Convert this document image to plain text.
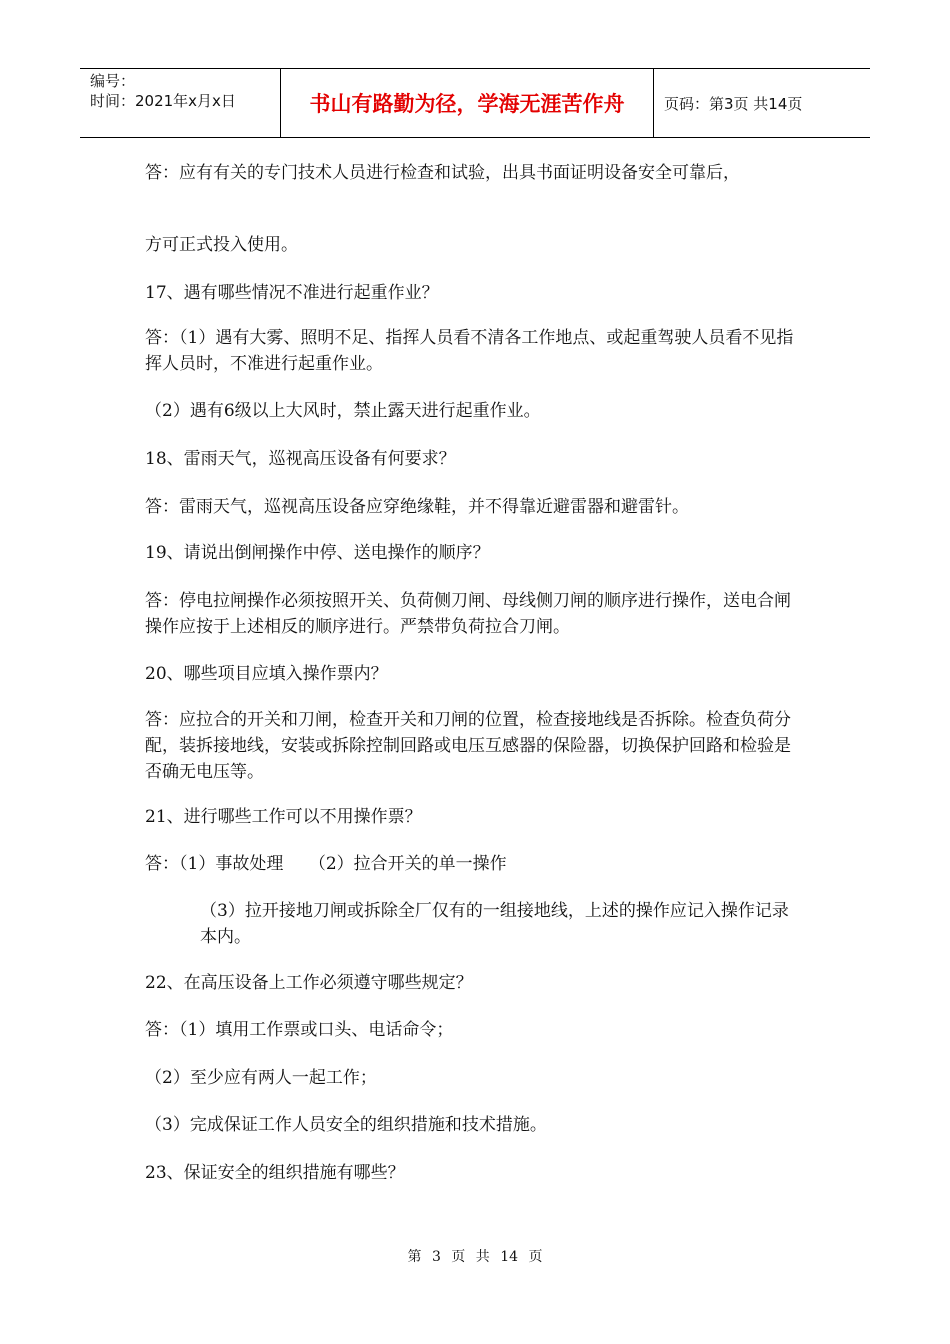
编号：
时间：2021年x月x日	书山有路勤为径，学海无涯苦作舟	页码：第3页 共14页

答：应有有关的专门技术人员进行检查和试验，出具书面证明设备安全可靠后，

方可正式投入使用。

17、遇有哪些情况不准进行起重作业？

答：（1）遇有大雾、照明不足、指挥人员看不清各工作地点、或起重驾驶人员看不见指挥人员时，不准进行起重作业。

（2）遇有6级以上大风时，禁止露天进行起重作业。

18、雷雨天气，巡视高压设备有何要求？

答：雷雨天气，巡视高压设备应穿绝缘鞋，并不得靠近避雷器和避雷针。

19、请说出倒闸操作中停、送电操作的顺序？

答：停电拉闸操作必须按照开关、负荷侧刀闸、母线侧刀闸的顺序进行操作，送电合闸操作应按于上述相反的顺序进行。严禁带负荷拉合刀闸。

20、哪些项目应填入操作票内？

答：应拉合的开关和刀闸，检查开关和刀闸的位置，检查接地线是否拆除。检查负荷分配，装拆接地线，安装或拆除控制回路或电压互感器的保险器，切换保护回路和检验是否确无电压等。

21、进行哪些工作可以不用操作票？

答：（1）事故处理　　（2）拉合开关的单一操作

（3）拉开接地刀闸或拆除全厂仅有的一组接地线，上述的操作应记入操作记录本内。

22、在高压设备上工作必须遵守哪些规定？

答：（1）填用工作票或口头、电话命令；

（2）至少应有两人一起工作；

（3）完成保证工作人员安全的组织措施和技术措施。

23、保证安全的组织措施有哪些？

第 3 页 共 14 页
